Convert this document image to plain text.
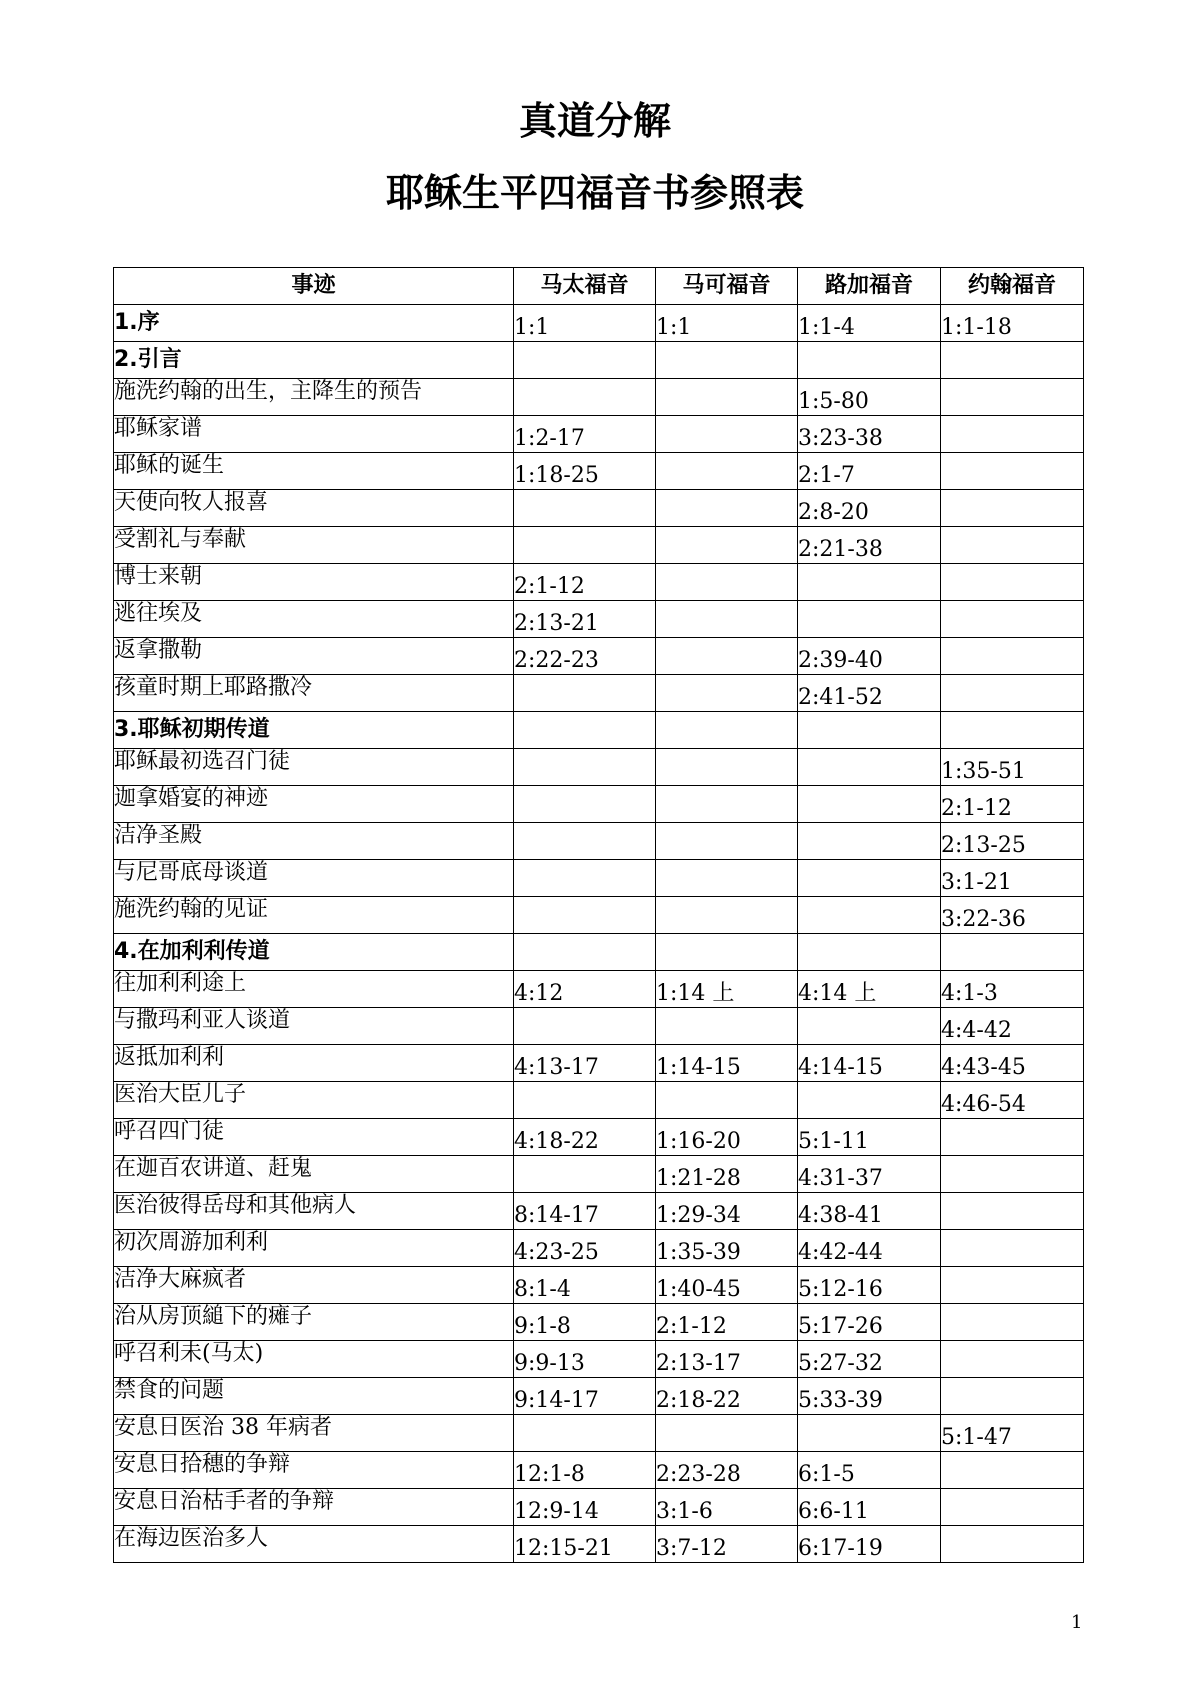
真道分解
耶稣生平四福音书参照表
事迹	马太福音	马可福音	路加福音	约翰福音
1.序	1:1	1:1	1:1-4	1:1-18
2.引言				
施洗约翰的出生，主降生的预告			1:5-80	
耶稣家谱	1:2-17		3:23-38	
耶稣的诞生	1:18-25		2:1-7	
天使向牧人报喜			2:8-20	
受割礼与奉献			2:21-38	
博士来朝	2:1-12			
逃往埃及	2:13-21			
返拿撒勒	2:22-23		2:39-40	
孩童时期上耶路撒冷			2:41-52	
3.耶稣初期传道				
耶稣最初选召门徒				1:35-51
迦拿婚宴的神迹				2:1-12
洁净圣殿				2:13-25
与尼哥底母谈道				3:1-21
施洗约翰的见证				3:22-36
4.在加利利传道				
往加利利途上	4:12	1:14 上	4:14 上	4:1-3
与撒玛利亚人谈道				4:4-42
返抵加利利	4:13-17	1:14-15	4:14-15	4:43-45
医治大臣儿子				4:46-54
呼召四门徒	4:18-22	1:16-20	5:1-11	
在迦百农讲道、赶鬼		1:21-28	4:31-37	
医治彼得岳母和其他病人	8:14-17	1:29-34	4:38-41	
初次周游加利利	4:23-25	1:35-39	4:42-44	
洁净大麻疯者	8:1-4	1:40-45	5:12-16	
治从房顶縋下的瘫子	9:1-8	2:1-12	5:17-26	
呼召利未(马太)	9:9-13	2:13-17	5:27-32	
禁食的问题	9:14-17	2:18-22	5:33-39	
安息日医治 38 年病者				5:1-47
安息日拾穗的争辩	12:1-8	2:23-28	6:1-5	
安息日治枯手者的争辩	12:9-14	3:1-6	6:6-11	
在海边医治多人	12:15-21	3:7-12	6:17-19	
1
